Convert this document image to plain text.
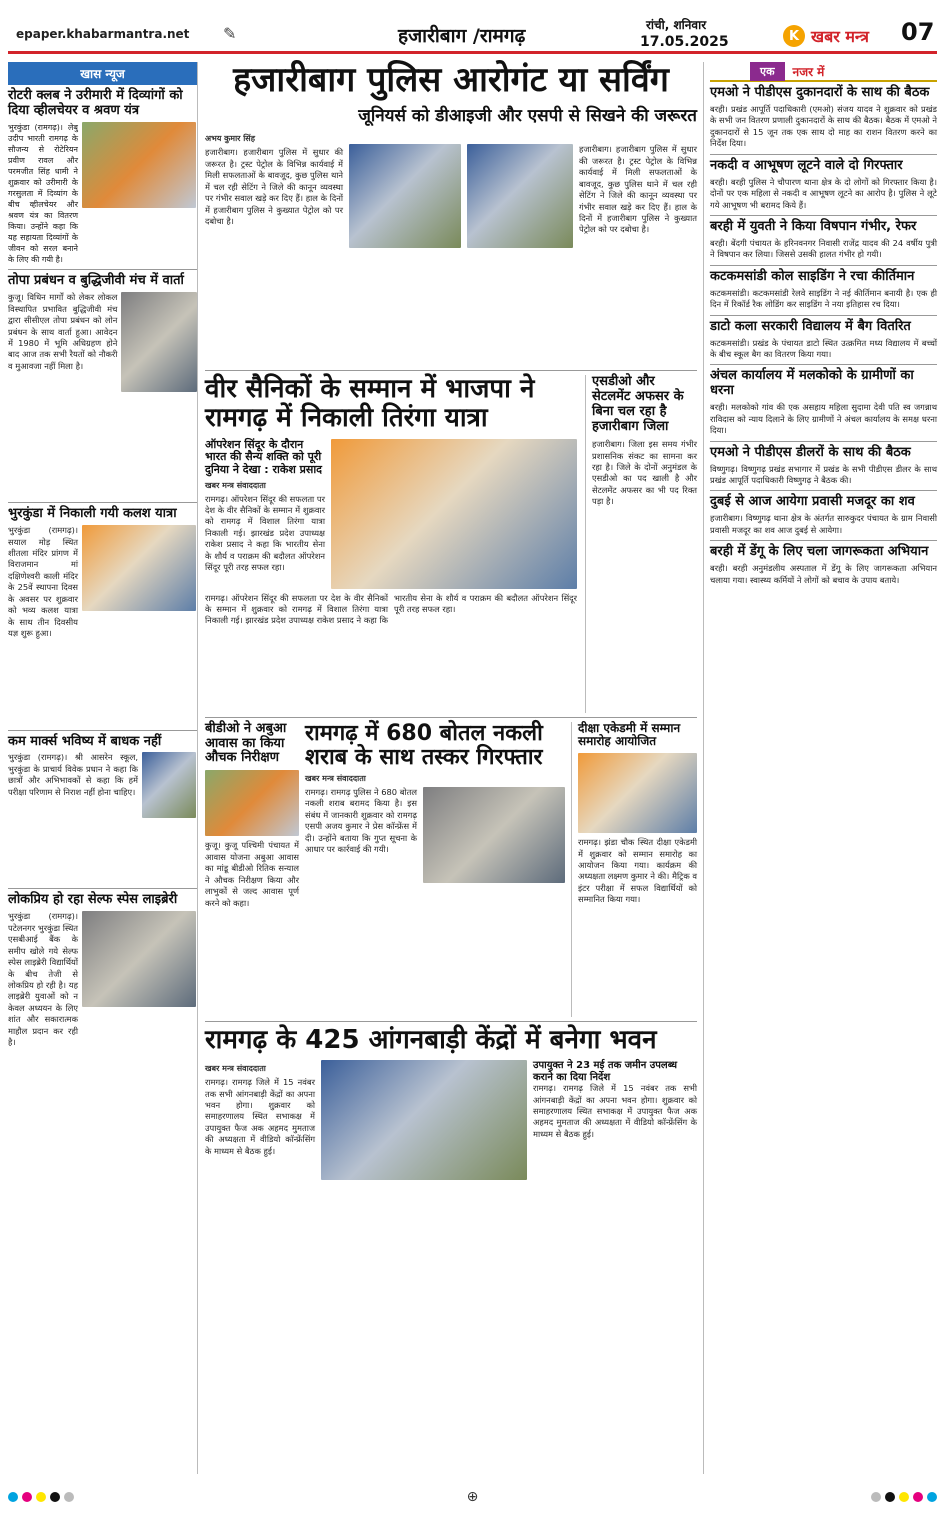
epaper.khabarmantra.net ✎	हजारीबाग /रामगढ़	रांची, शनिवार
17.05.2025	K खबर मन्त्र 07
खास न्यूज
रोटरी क्लब ने उरीमारी में दिव्यांगों को दिया व्हीलचेयर व श्रवण यंत्र
भुरकुंडा (रामगढ़)। लेबु उदीप भारती रामगढ़ के सौजन्य से रोटेरियन प्रवीण रावल और परमजीत सिंह धामी ने शुक्रवार को उरीमारी के गरसुलता में दिव्यांग के बीच व्हीलचेयर और श्रवण यंत्र का वितरण किया। उन्होंने कहा कि यह सहायता दिव्यांगों के जीवन को सरल बनाने के लिए की गयी है।
तोपा प्रबंधन व बुद्धिजीवी मंच में वार्ता
कुजू। विधिन मार्गों को लेकर लोकल विस्थापित प्रभावित बुद्धिजीवी मंच द्वारा सीसीएल तोपा प्रबंधन को लोन प्रबंधन के साथ वार्ता हुआ। आवेदन में 1980 में भूमि अधिग्रहण होने बाद आज तक सभी रैयतों को नौकरी व मुआवजा नहीं मिला है।
भुरकुंडा में निकाली गयी कलश यात्रा
भुरकुंडा (रामगढ़)। सयाल मोड़ स्थित शीतला मंदिर प्रांगण में विराजमान मां दक्षिणेश्वरी काली मंदिर के 25वें स्थापना दिवस के अवसर पर शुक्रवार को भव्य कलश यात्रा के साथ तीन दिवसीय यज्ञ शुरू हुआ।
कम मार्क्स भविष्य में बाधक नहीं
भुरकुंडा (रामगढ़)। श्री आसरेन स्कूल, भुरकुंडा के प्राचार्य विवेक प्रधान ने कहा कि छात्रों और अभिभावकों से कहा कि हमें परीक्षा परिणाम से निराश नहीं होना चाहिए।
लोकप्रिय हो रहा सेल्फ स्पेस लाइब्रेरी
भुरकुंडा (रामगढ़)। पटेलनगर भुरकुंडा स्थित एसबीआई बैंक के समीप खोले गये सेल्फ स्पेस लाइब्रेरी विद्यार्थियों के बीच तेजी से लोकप्रिय हो रही है। यह लाइब्रेरी युवाओं को न केवल अध्ययन के लिए शांत और सकारात्मक माहौल प्रदान कर रही है।
हजारीबाग पुलिस आरोगंट या सर्विंग
जूनियर्स को डीआइजी और एसपी से सिखने की जरूरत
अभय कुमार सिंह
हजारीबाग। हजारीबाग पुलिस में सुधार की जरूरत है। ट्रस्ट पेट्रोल के विभिन्न कार्यवाई में मिली सफलताओं के बावजूद, कुछ पुलिस थाने में चल रही सेटिंग ने जिले की कानून व्यवस्था पर गंभीर सवाल खड़े कर दिए हैं। हाल के दिनों में हजारीबाग पुलिस ने कुख्यात पेट्रोल को पर दबोचा है।
हजारीबाग। हजारीबाग पुलिस में सुधार की जरूरत है। ट्रस्ट पेट्रोल के विभिन्न कार्यवाई में मिली सफलताओं के बावजूद, कुछ पुलिस थाने में चल रही सेटिंग ने जिले की कानून व्यवस्था पर गंभीर सवाल खड़े कर दिए हैं। हाल के दिनों में हजारीबाग पुलिस ने कुख्यात पेट्रोल को पर दबोचा है।
वीर सैनिकों के सम्मान में भाजपा ने रामगढ़ में निकाली तिरंगा यात्रा
ऑपरेशन सिंदूर के दौरान भारत की सैन्य शक्ति को पूरी दुनिया ने देखा : राकेश प्रसाद
खबर मन्त्र संवाददाता
रामगढ़। ऑपरेशन सिंदूर की सफलता पर देश के वीर सैनिकों के सम्मान में शुक्रवार को रामगढ़ में विशाल तिरंगा यात्रा निकाली गई। झारखंड प्रदेश उपाध्यक्ष राकेश प्रसाद ने कहा कि भारतीय सेना के शौर्य व पराक्रम की बदौलत ऑपरेशन सिंदूर पूरी तरह सफल रहा।
रामगढ़। ऑपरेशन सिंदूर की सफलता पर देश के वीर सैनिकों के सम्मान में शुक्रवार को रामगढ़ में विशाल तिरंगा यात्रा निकाली गई। झारखंड प्रदेश उपाध्यक्ष राकेश प्रसाद ने कहा कि भारतीय सेना के शौर्य व पराक्रम की बदौलत ऑपरेशन सिंदूर पूरी तरह सफल रहा।
एसडीओ और सेटलमेंट अफसर के बिना चल रहा है हजारीबाग जिला
हजारीबाग। जिला इस समय गंभीर प्रशासनिक संकट का सामना कर रहा है। जिले के दोनों अनुमंडल के एसडीओ का पद खाली है और सेटलमेंट अफसर का भी पद रिक्त पड़ा है।
बीडीओ ने अबुआ आवास का किया औचक निरीक्षण
कुजू। कुजू पश्चिमी पंचायत में आवास योजना अबुआ आवास का मांडू बीडीओ रितिक सन्याल ने औचक निरीक्षण किया और लाभुकों से जल्द आवास पूर्ण करने को कहा।
रामगढ़ में 680 बोतल नकली शराब के साथ तस्कर गिरफ्तार
खबर मन्त्र संवाददाता
रामगढ़। रामगढ़ पुलिस ने 680 बोतल नकली शराब बरामद किया है। इस संबंध में जानकारी शुक्रवार को रामगढ़ एसपी अजय कुमार ने प्रेस कॉन्फ्रेंस में दी। उन्होंने बताया कि गुप्त सूचना के आधार पर कार्रवाई की गयी।
दीक्षा एकेडमी में सम्मान समारोह आयोजित
रामगढ़। झंडा चौक स्थित दीक्षा एकेडमी में शुक्रवार को सम्मान समारोह का आयोजन किया गया। कार्यक्रम की अध्यक्षता लक्ष्मण कुमार ने की। मैट्रिक व इंटर परीक्षा में सफल विद्यार्थियों को सम्मानित किया गया।
रामगढ़ के 425 आंगनबाड़ी केंद्रों में बनेगा भवन
खबर मन्त्र संवाददाता
रामगढ़। रामगढ़ जिले में 15 नवंबर तक सभी आंगनबाड़ी केंद्रों का अपना भवन होगा। शुक्रवार को समाहरणालय स्थित सभाकक्ष में उपायुक्त फैज अक अहमद मुमताज की अध्यक्षता में वीडियो कॉन्फ्रेंसिंग के माध्यम से बैठक हुई।
उपायुक्त ने 23 मई तक जमीन उपलब्ध कराने का दिया निर्देश
रामगढ़। रामगढ़ जिले में 15 नवंबर तक सभी आंगनबाड़ी केंद्रों का अपना भवन होगा। शुक्रवार को समाहरणालय स्थित सभाकक्ष में उपायुक्त फैज अक अहमद मुमताज की अध्यक्षता में वीडियो कॉन्फ्रेंसिंग के माध्यम से बैठक हुई।
एक	नजर में
एमओ ने पीडीएस दुकानदारों के साथ की बैठक
बरही। प्रखंड आपूर्ति पदाधिकारी (एमओ) संजय यादव ने शुक्रवार को प्रखंड के सभी जन वितरण प्रणाली दुकानदारों के साथ की बैठक। बैठक में एमओ ने दुकानदारों से 15 जून तक एक साथ दो माह का राशन वितरण करने का निर्देश दिया।
नकदी व आभूषण लूटने वाले दो गिरफ्तार
बरही। बरही पुलिस ने चौपारण थाना क्षेत्र के दो लोगों को गिरफ्तार किया है। दोनों पर एक महिला से नकदी व आभूषण लूटने का आरोप है। पुलिस ने लूटे गये आभूषण भी बरामद किये हैं।
बरही में युवती ने किया विषपान गंभीर, रेफर
बरही। बेंदगी पंचायत के हरिनवनगर निवासी राजेंद्र यादव की 24 वर्षीय पुत्री ने विषपान कर लिया। जिससे उसकी हालत गंभीर हो गयी।
कटकमसांडी कोल साइडिंग ने रचा कीर्तिमान
कटकमसांडी। कटकमसांडी रेलवे साइडिंग ने नई कीर्तिमान बनायी है। एक ही दिन में रिकॉर्ड रैक लोडिंग कर साइडिंग ने नया इतिहास रच दिया।
डाटो कला सरकारी विद्यालय में बैग वितरित
कटकमसांडी। प्रखंड के पंचायत डाटो स्थित उत्क्रमित मध्य विद्यालय में बच्चों के बीच स्कूल बैग का वितरण किया गया।
अंचल कार्यालय में मलकोको के ग्रामीणों का धरना
बरही। मलकोको गांव की एक असहाय महिला सुदामा देवी पति स्व जगन्नाथ राविदास को न्याय दिलाने के लिए ग्रामीणों ने अंचल कार्यालय के समक्ष धरना दिया।
एमओ ने पीडीएस डीलरों के साथ की बैठक
विष्णुगढ़। विष्णुगढ़ प्रखंड सभागार में प्रखंड के सभी पीडीएस डीलर के साथ प्रखंड आपूर्ति पदाधिकारी विष्णुगढ़ ने बैठक की।
दुबई से आज आयेगा प्रवासी मजदूर का शव
हजारीबाग। विष्णुगढ़ थाना क्षेत्र के अंतर्गत सारुकुदर पंचायत के ग्राम निवासी प्रवासी मजदूर का शव आज दुबई से आयेगा।
बरही में डेंगू के लिए चला जागरूकता अभियान
बरही। बरही अनुमंडलीय अस्पताल में डेंगू के लिए जागरूकता अभियान चलाया गया। स्वास्थ्य कर्मियों ने लोगों को बचाव के उपाय बताये।
⊕
